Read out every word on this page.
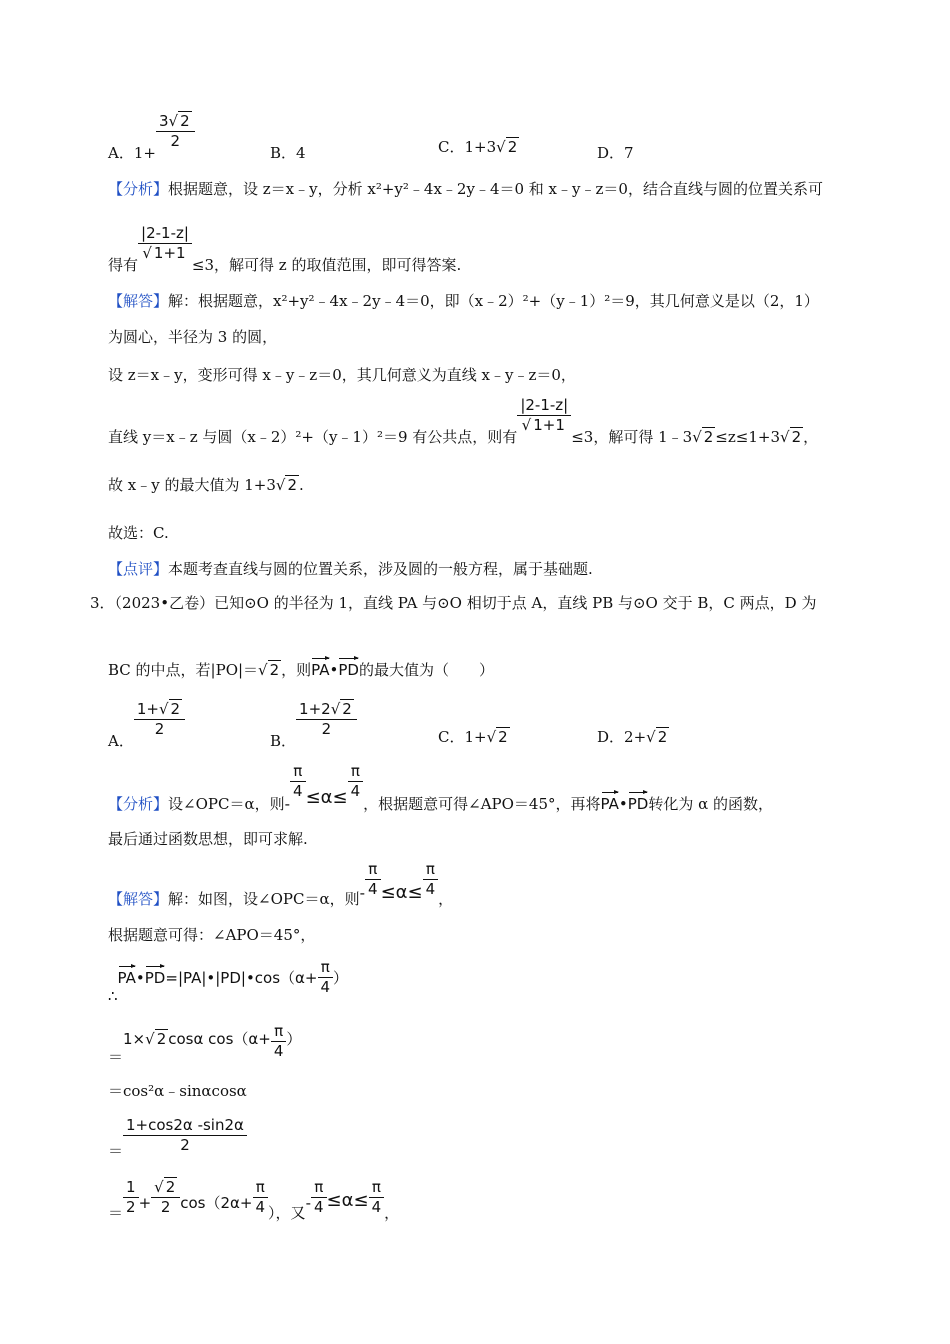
A．1+
$\frac{3√ 2}{2}$
B．4	C．1+3√ 2	D．7
【分析】根据题意，设 z＝x﹣y，分析 x²+y²﹣4x﹣2y﹣4＝0 和 x﹣y﹣z＝0，结合直线与圆的位置关系可
得有
$\frac{|2-1-z|}{√ 1+1}$
≤3，解可得 z 的取值范围，即可得答案.
【解答】解：根据题意，x²+y²﹣4x﹣2y﹣4＝0，即（x﹣2）²+（y﹣1）²＝9，其几何意义是以（2，1）
为圆心，半径为 3 的圆，
设 z＝x﹣y，变形可得 x﹣y﹣z＝0，其几何意义为直线 x﹣y﹣z＝0，
直线 y＝x﹣z 与圆（x﹣2）²+（y﹣1）²＝9 有公共点，则有
$\frac{|2-1-z|}{√ 1+1}$
≤3，解可得 1﹣3√ 2 ≤z≤1+3√ 2 ，
故 x﹣y 的最大值为 1+3√ 2 .
故选：C.
【点评】本题考查直线与圆的位置关系，涉及圆的一般方程，属于基础题.
3．（2023•乙卷）已知⊙O 的半径为 1，直线 PA 与⊙O 相切于点 A，直线 PB 与⊙O 交于 B，C 两点，D 为
BC 的中点，若|PO|＝√ 2 ，则PA•PD的最大值为（　　）
A．
$\frac{1+√ 2}{2}$
B．
$\frac{1+2√ 2}{2}$	C．1+√ 2	D．2+√ 2
【分析】设∠OPC＝α，则-
$\frac{\pi}{4} \le\alpha\le \frac{\pi}{4}$
，根据题意可得∠APO＝45°，再将PA•PD转化为 α 的函数，
最后通过函数思想，即可求解.
【解答】解：如图，设∠OPC＝α，则- $\frac{\pi}{4} \le\alpha\le \frac{\pi}{4}$ ，
根据题意可得：∠APO＝45°，
∴PA•PD=|PA|•|PD|•cos（α+ $\frac{\pi}{4}$ ）
＝1×√ 2 cosα $\cos(\alpha+ \frac{\pi}{4}$ ）
＝cos²α﹣sinαcosα
＝ $\frac{1+\cos 2\alpha -\sin 2\alpha}{2}$
＝ $\frac{1}{2} + \frac{√ 2}{2} \cos(2\alpha+ \frac{\pi}{4}$ ），又- $\frac{\pi}{4} \le\alpha\le \frac{\pi}{4}$ ，
